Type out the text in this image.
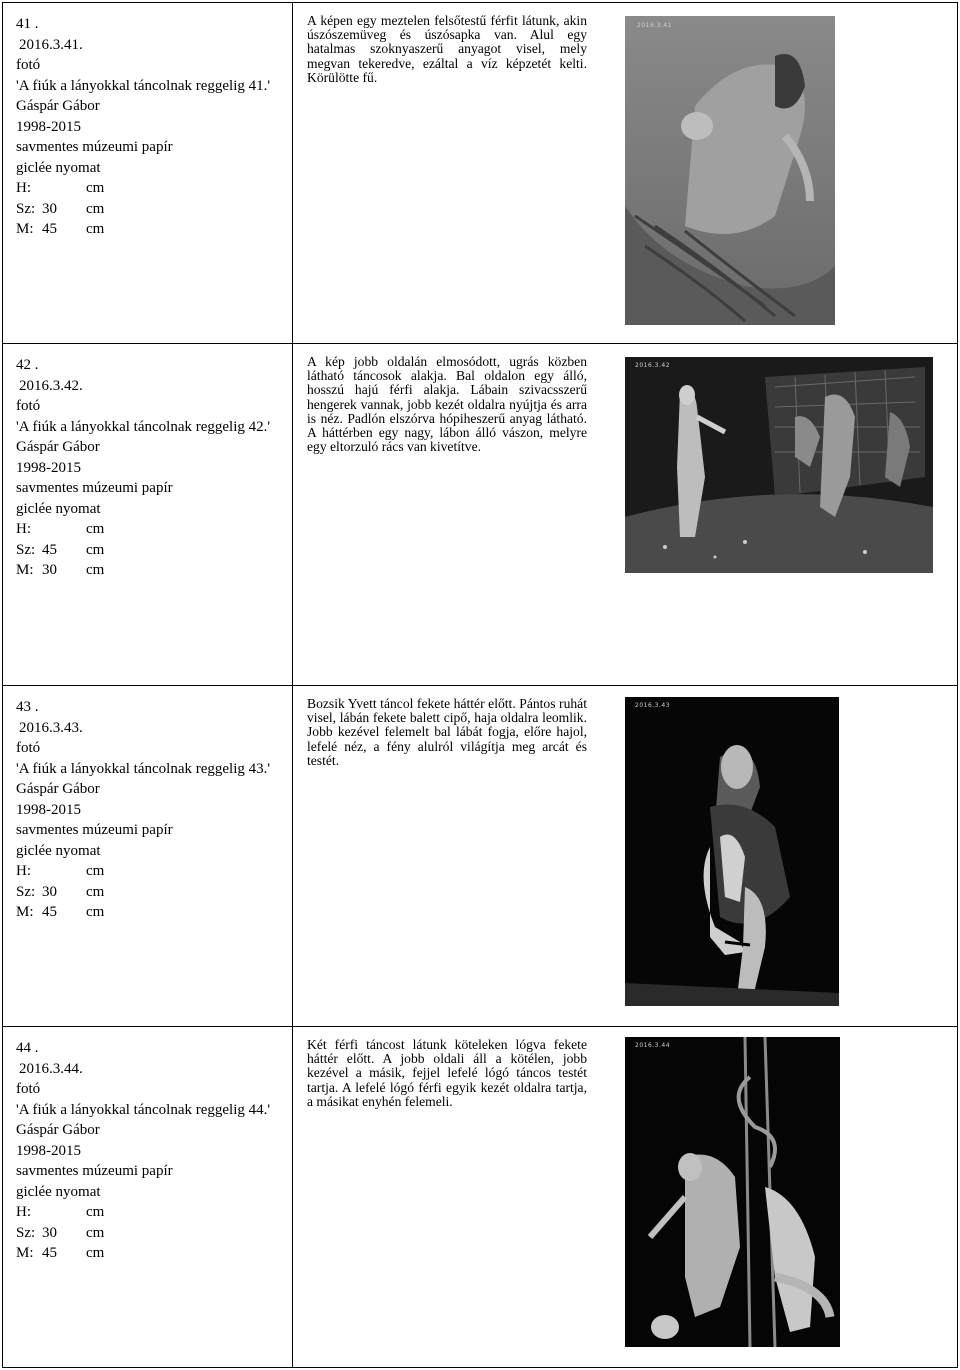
41 .
2016.3.41.
fotó
'A fiúk a lányokkal táncolnak reggelig 41.'
Gáspár Gábor
1998-2015
savmentes múzeumi papír
giclée nyomat
H:	cm
Sz: 30 cm
M: 45 cm
A képen egy meztelen felsőtestű férfit látunk, akin úszószemüveg és úszósapka van. Alul egy hatalmas szoknyaszerű anyagot visel, mely megvan tekeredve, ezáltal a víz képzetét kelti. Körülötte fű.
2016.3.41
42 .
2016.3.42.
fotó
'A fiúk a lányokkal táncolnak reggelig 42.'
Gáspár Gábor
1998-2015
savmentes múzeumi papír
giclée nyomat
H:	cm
Sz: 45 cm
M: 30 cm
A kép jobb oldalán elmosódott, ugrás közben látható táncosok alakja. Bal oldalon egy álló, hosszú hajú férfi alakja. Lábain szivacsszerű hengerek vannak, jobb kezét oldalra nyújtja és arra is néz. Padlón elszórva hópiheszerű anyag látható. A háttérben egy nagy, lábon álló vászon, melyre egy eltorzuló rács van kivetítve.
2016.3.42
43 .
2016.3.43.
fotó
'A fiúk a lányokkal táncolnak reggelig 43.'
Gáspár Gábor
1998-2015
savmentes múzeumi papír
giclée nyomat
H:	cm
Sz: 30 cm
M: 45 cm
Bozsik Yvett táncol fekete háttér előtt. Pántos ruhát visel, lábán fekete balett cipő, haja oldalra leomlik. Jobb kezével felemelt bal lábát fogja, előre hajol, lefelé néz, a fény alulról világítja meg arcát és testét.
2016.3.43
44 .
2016.3.44.
fotó
'A fiúk a lányokkal táncolnak reggelig 44.'
Gáspár Gábor
1998-2015
savmentes múzeumi papír
giclée nyomat
H:	cm
Sz: 30 cm
M: 45 cm
Két férfi táncost látunk köteleken lógva fekete háttér előtt. A jobb oldali áll a kötélen, jobb kezével a másik, fejjel lefelé lógó táncos testét tartja. A lefelé lógó férfi egyik kezét oldalra tartja, a másikat enyhén felemeli.
2016.3.44
